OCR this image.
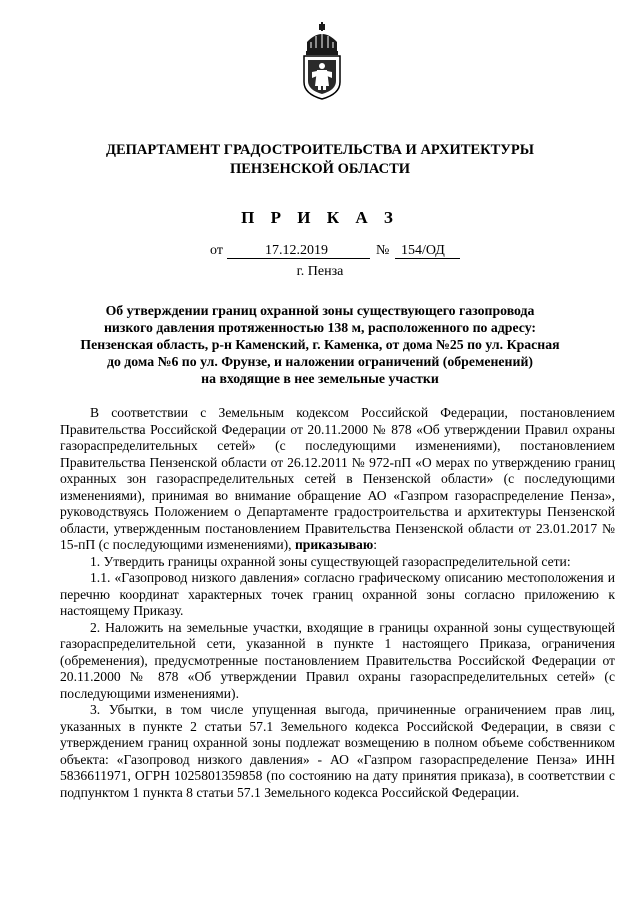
ДЕПАРТАМЕНТ ГРАДОСТРОИТЕЛЬСТВА И АРХИТЕКТУРЫ
ПЕНЗЕНСКОЙ ОБЛАСТИ
П Р И К А З
от	17.12.2019	№ 154/ОД
г. Пенза
Об утверждении границ охранной зоны существующего газопровода
низкого давления протяженностью 138 м, расположенного по адресу:
Пензенская область, р-н Каменский, г. Каменка, от дома №25 по ул. Красная
до дома №6 по ул. Фрунзе, и наложении ограничений (обременений)
на входящие в нее земельные участки

В соответствии с Земельным кодексом Российской Федерации, постановлением Правительства Российской Федерации от 20.11.2000 № 878 «Об утверждении Правил охраны газораспределительных сетей» (с последующими изменениями), постановлением Правительства Пензенской области от 26.12.2011 № 972-пП «О мерах по утверждению границ охранных зон газораспределительных сетей в Пензенской области» (с последующими изменениями), принимая во внимание обращение АО «Газпром газораспределение Пенза», руководствуясь Положением о Департаменте градостроительства и архитектуры Пензенской области, утвержденным постановлением Правительства Пензенской области от 23.01.2017 № 15-пП (с последующими изменениями), приказываю:

1. Утвердить границы охранной зоны существующей газораспределительной сети:

1.1. «Газопровод низкого давления» согласно графическому описанию местоположения и перечню координат характерных точек границ охранной зоны согласно приложению к настоящему Приказу.

2. Наложить на земельные участки, входящие в границы охранной зоны существующей газораспределительной сети, указанной в пункте 1 настоящего Приказа, ограничения (обременения), предусмотренные постановлением Правительства Российской Федерации от 20.11.2000 № 878 «Об утверждении Правил охраны газораспределительных сетей» (с последующими изменениями).

3. Убытки, в том числе упущенная выгода, причиненные ограничением прав лиц, указанных в пункте 2 статьи 57.1 Земельного кодекса Российской Федерации, в связи с утверждением границ охранной зоны подлежат возмещению в полном объеме собственником объекта: «Газопровод низкого давления» - АО «Газпром газораспределение Пенза» ИНН 5836611971, ОГРН 1025801359858 (по состоянию на дату принятия приказа), в соответствии с подпунктом 1 пункта 8 статьи 57.1 Земельного кодекса Российской Федерации.
